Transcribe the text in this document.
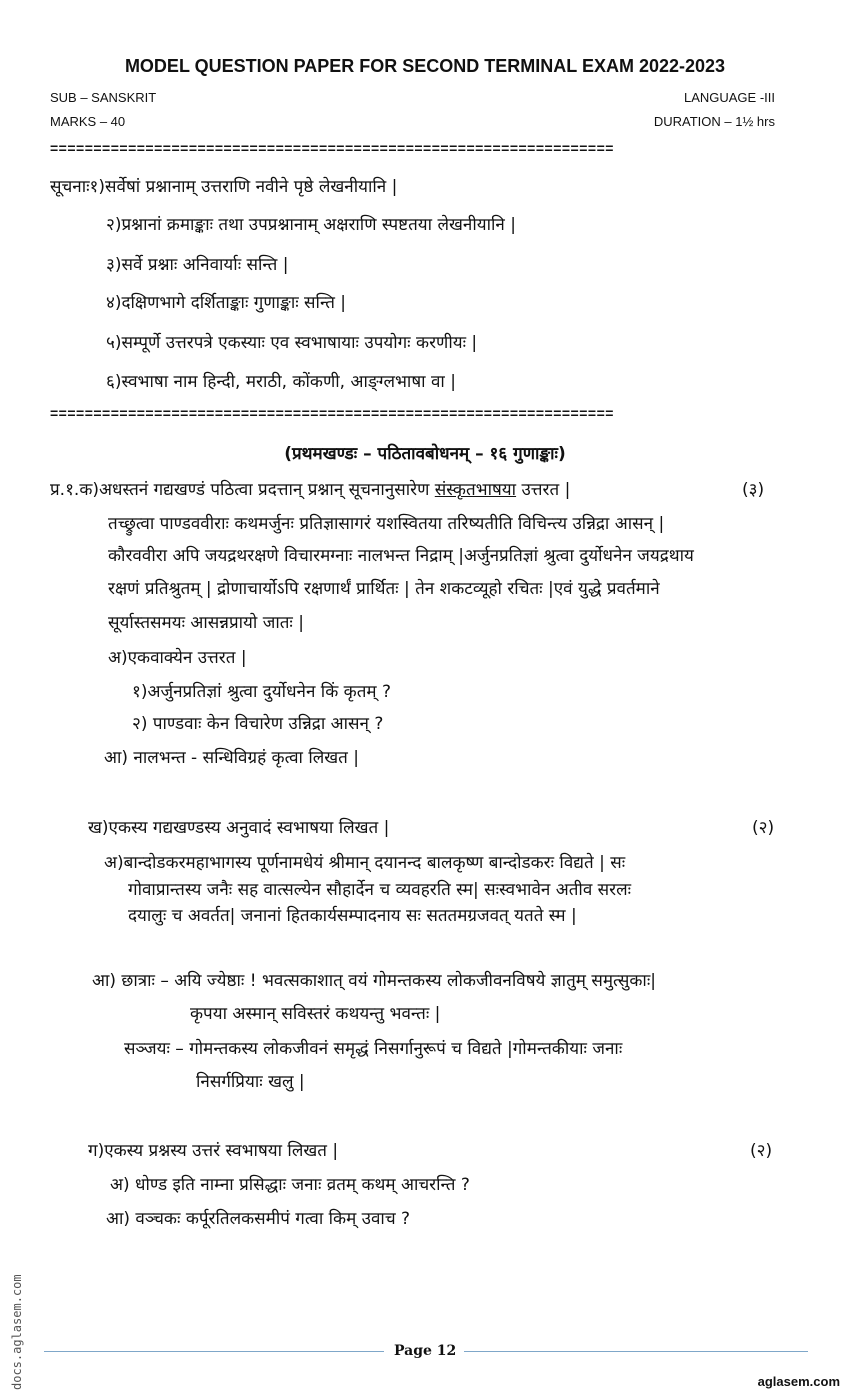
MODEL QUESTION PAPER FOR SECOND TERMINAL EXAM 2022-2023
SUB – SANSKRIT	LANGUAGE -III
MARKS – 40	DURATION – 1½ hrs
=================================================================
सूचनाः१)सर्वेषां प्रश्नानाम् उत्तराणि नवीने पृष्ठे लेखनीयानि |
२)प्रश्नानां क्रमाङ्काः तथा उपप्रश्नानाम् अक्षराणि स्पष्टतया लेखनीयानि |
३)सर्वे प्रश्नाः अनिवार्याः सन्ति |
४)दक्षिणभागे दर्शिताङ्काः गुणाङ्काः सन्ति |
५)सम्पूर्णे उत्तरपत्रे एकस्याः एव स्वभाषायाः उपयोगः करणीयः |
६)स्वभाषा नाम हिन्दी, मराठी, कोंकणी, आङ्ग्लभाषा वा |
=================================================================
(प्रथमखण्डः – पठितावबोधनम् – १६ गुणाङ्काः)
प्र.१.क)अधस्तनं गद्यखण्डं पठित्वा प्रदत्तान् प्रश्नान् सूचनानुसारेण संस्कृतभाषया उत्तरत |	(३)
तच्छ्रुत्वा पाण्डववीराः कथमर्जुनः प्रतिज्ञासागरं यशस्वितया तरिष्यतीति विचिन्त्य उन्निद्रा आसन् |
कौरववीरा अपि जयद्रथरक्षणे विचारमग्नाः नालभन्त निद्राम् |अर्जुनप्रतिज्ञां श्रुत्वा दुर्योधनेन जयद्रथाय
रक्षणं प्रतिश्रुतम् | द्रोणाचार्योऽपि रक्षणार्थं प्रार्थितः | तेन शकटव्यूहो रचितः |एवं युद्धे प्रवर्तमाने
सूर्यास्तसमयः आसन्नप्रायो जातः |
अ)एकवाक्येन उत्तरत |
१)अर्जुनप्रतिज्ञां श्रुत्वा दुर्योधनेन किं कृतम् ?
२) पाण्डवाः केन विचारेण उन्निद्रा आसन् ?
आ) नालभन्त - सन्धिविग्रहं कृत्वा लिखत |
ख)एकस्य गद्यखण्डस्य अनुवादं स्वभाषया लिखत |	(२)
अ)बान्दोडकरमहाभागस्य पूर्णनामधेयं श्रीमान् दयानन्द बालकृष्ण बान्दोडकरः विद्यते | सः
गोवाप्रान्तस्य जनैः सह वात्सल्येन सौहार्देन च व्यवहरति स्म| सःस्वभावेन अतीव सरलः
दयालुः च अवर्तत| जनानां हितकार्यसम्पादनाय सः सततमग्रजवत् यतते स्म |
आ) छात्राः – अयि ज्येष्ठाः ! भवत्सकाशात् वयं गोमन्तकस्य लोकजीवनविषये ज्ञातुम् समुत्सुकाः|
कृपया अस्मान् सविस्तरं कथयन्तु भवन्तः |
सञ्जयः – गोमन्तकस्य लोकजीवनं समृद्धं निसर्गानुरूपं च विद्यते |गोमन्तकीयाः जनाः
निसर्गप्रियाः खलु |
ग)एकस्य प्रश्नस्य उत्तरं स्वभाषया लिखत |	(२)
अ) धोण्ड इति नाम्ना प्रसिद्धाः जनाः व्रतम् कथम् आचरन्ति ?
आ) वञ्चकः कर्पूरतिलकसमीपं गत्वा किम् उवाच ?
Page 12
docs.aglasem.com	aglasem.com
